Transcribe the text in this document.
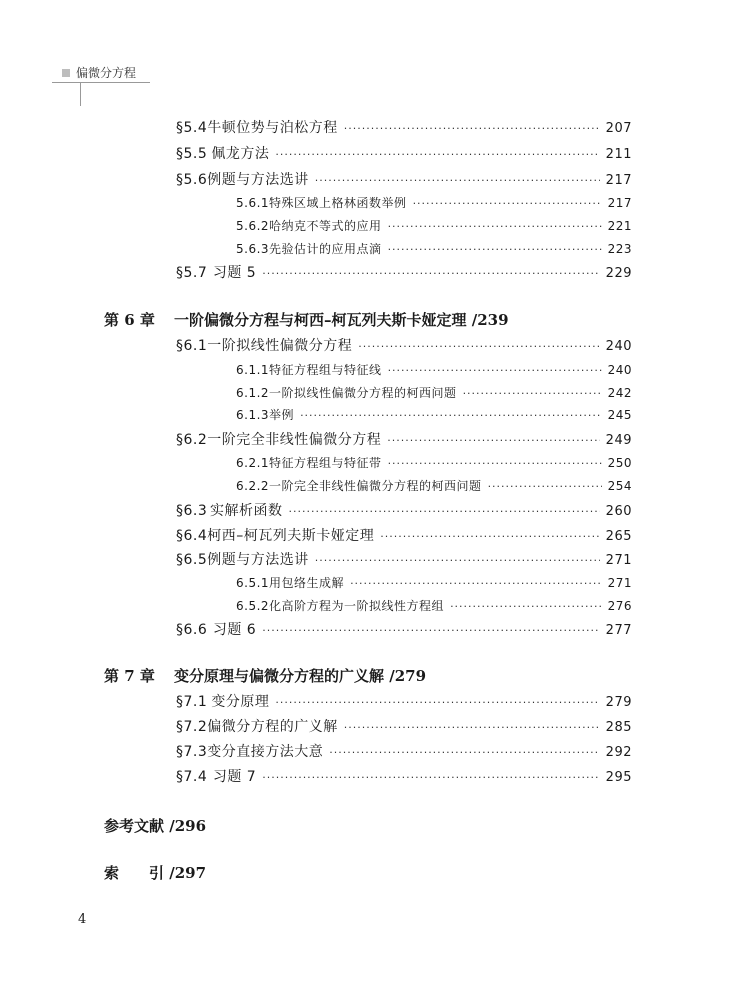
偏微分方程
§5.4 牛顿位势与泊松方程 ·····	207
§5.5 佩龙方法 ·····	211
§5.6 例题与方法选讲 ·····	217
5.6.1 特殊区域上格林函数举例 ·····	217
5.6.2 哈纳克不等式的应用 ·····	221
5.6.3 先验估计的应用点滴 ·····	223
§5.7 习题 5 ·····	229
第 6 章 一阶偏微分方程与柯西–柯瓦列夫斯卡娅定理 /239
§6.1 一阶拟线性偏微分方程 ·····	240
6.1.1 特征方程组与特征线 ·····	240
6.1.2 一阶拟线性偏微分方程的柯西问题 ·····	242
6.1.3 举例 ·····	245
§6.2 一阶完全非线性偏微分方程 ·····	249
6.2.1 特征方程组与特征带 ·····	250
6.2.2 一阶完全非线性偏微分方程的柯西问题 ·····	254
§6.3 实解析函数 ·····	260
§6.4 柯西–柯瓦列夫斯卡娅定理 ·····	265
§6.5 例题与方法选讲 ·····	271
6.5.1 用包络生成解 ·····	271
6.5.2 化高阶方程为一阶拟线性方程组 ·····	276
§6.6 习题 6 ·····	277
第 7 章 变分原理与偏微分方程的广义解 /279
§7.1 变分原理 ·····	279
§7.2 偏微分方程的广义解 ·····	285
§7.3 变分直接方法大意 ·····	292
§7.4 习题 7 ·····	295
参考文献 /296
索　　引 /297
4
